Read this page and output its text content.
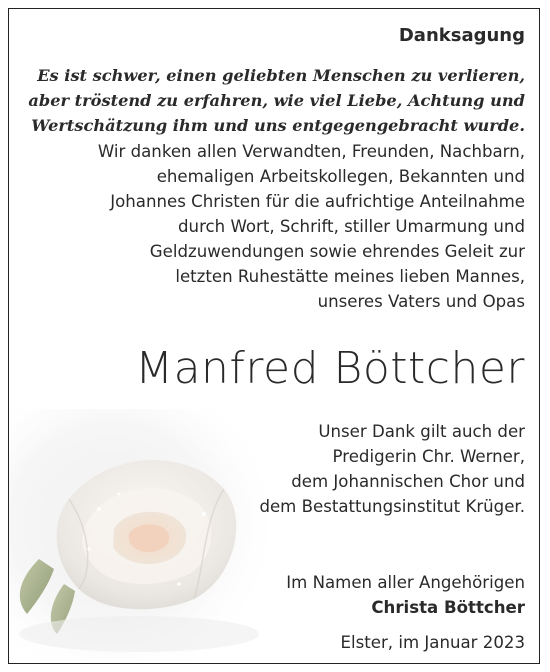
Danksagung
Es ist schwer, einen geliebten Menschen zu verlieren,
aber tröstend zu erfahren, wie viel Liebe, Achtung und
Wertschätzung ihm und uns entgegengebracht wurde.
Wir danken allen Verwandten, Freunden, Nachbarn,
ehemaligen Arbeitskollegen, Bekannten und
Johannes Christen für die aufrichtige Anteilnahme
durch Wort, Schrift, stiller Umarmung und
Geldzuwendungen sowie ehrendes Geleit zur
letzten Ruhestätte meines lieben Mannes,
unseres Vaters und Opas
Manfred Böttcher
Unser Dank gilt auch der
Predigerin Chr. Werner,
dem Johannischen Chor und
dem Bestattungsinstitut Krüger.
Im Namen aller Angehörigen
Christa Böttcher
Elster, im Januar 2023
